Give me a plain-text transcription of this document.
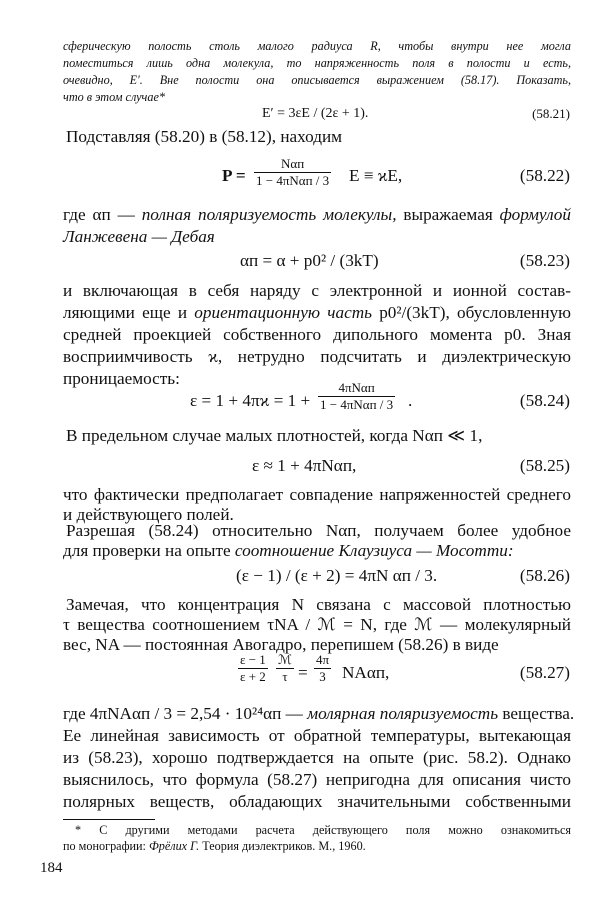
сферическую полость столь малого радиуса R, чтобы внутри нее могла
поместиться лишь одна молекула, то напряженность поля в полости и есть,
очевидно, E′. Вне полости она описывается выражением (58.17). Показать,
что в этом случае*
E′ = 3εE / (2ε + 1).	(58.21)
Подставляя (58.20) в (58.12), находим
$P = \frac{\text{Nαп}}{\text{1 − 4πNαп / 3}}$ E ≡ ϰE,	(58.22)
где αп — полная поляризуемость молекулы, выражаемая формулой
Ланжевена — Дебая
αп = α + p0² / (3kT)	(58.23)
и включающая в себя наряду с электронной и ионной состав-
ляющими еще и ориентационную часть p0²/(3kT), обусловленную
средней проекцией собственного дипольного момента p0. Зная
восприимчивость ϰ, нетрудно подсчитать и диэлектрическую
проницаемость:
$\varepsilon = 1 + 4\pi ϰ = 1 + \frac{\text{4πNαп}}{\text{1 − 4πNαп / 3}}$ .	(58.24)
В предельном случае малых плотностей, когда Nαп ≪ 1,
ε ≈ 1 + 4πNαп,	(58.25)
что фактически предполагает совпадение напряженностей среднего
и действующего полей.
Разрешая (58.24) относительно Nαп, получаем более удобное
для проверки на опыте соотношение Клаузиуса — Мосотти:
(ε − 1) / (ε + 2) = 4πN αп / 3.	(58.26)
Замечая, что концентрация N связана с массовой плотностью
τ вещества соотношением τNA / ℳ = N, где ℳ — молекулярный
вес, NA — постоянная Авогадро, перепишем (58.26) в виде
$\frac{\varepsilon - 1}{\varepsilon + 2} \frac{\text{ℳ}}{\tau} = \frac{4\pi}{3} NA\alpha п$,	(58.27)
где 4πNAαп / 3 = 2,54 · 10²⁴αп — молярная поляризуемость вещества.
Ее линейная зависимость от обратной температуры, вытекающая
из (58.23), хорошо подтверждается на опыте (рис. 58.2). Однако
выяснилось, что формула (58.27) непригодна для описания чисто
полярных веществ, обладающих значительными собственными
* С другими методами расчета действующего поля можно ознакомиться
по монографии: Фрёлих Г. Теория диэлектриков. М., 1960.
184
